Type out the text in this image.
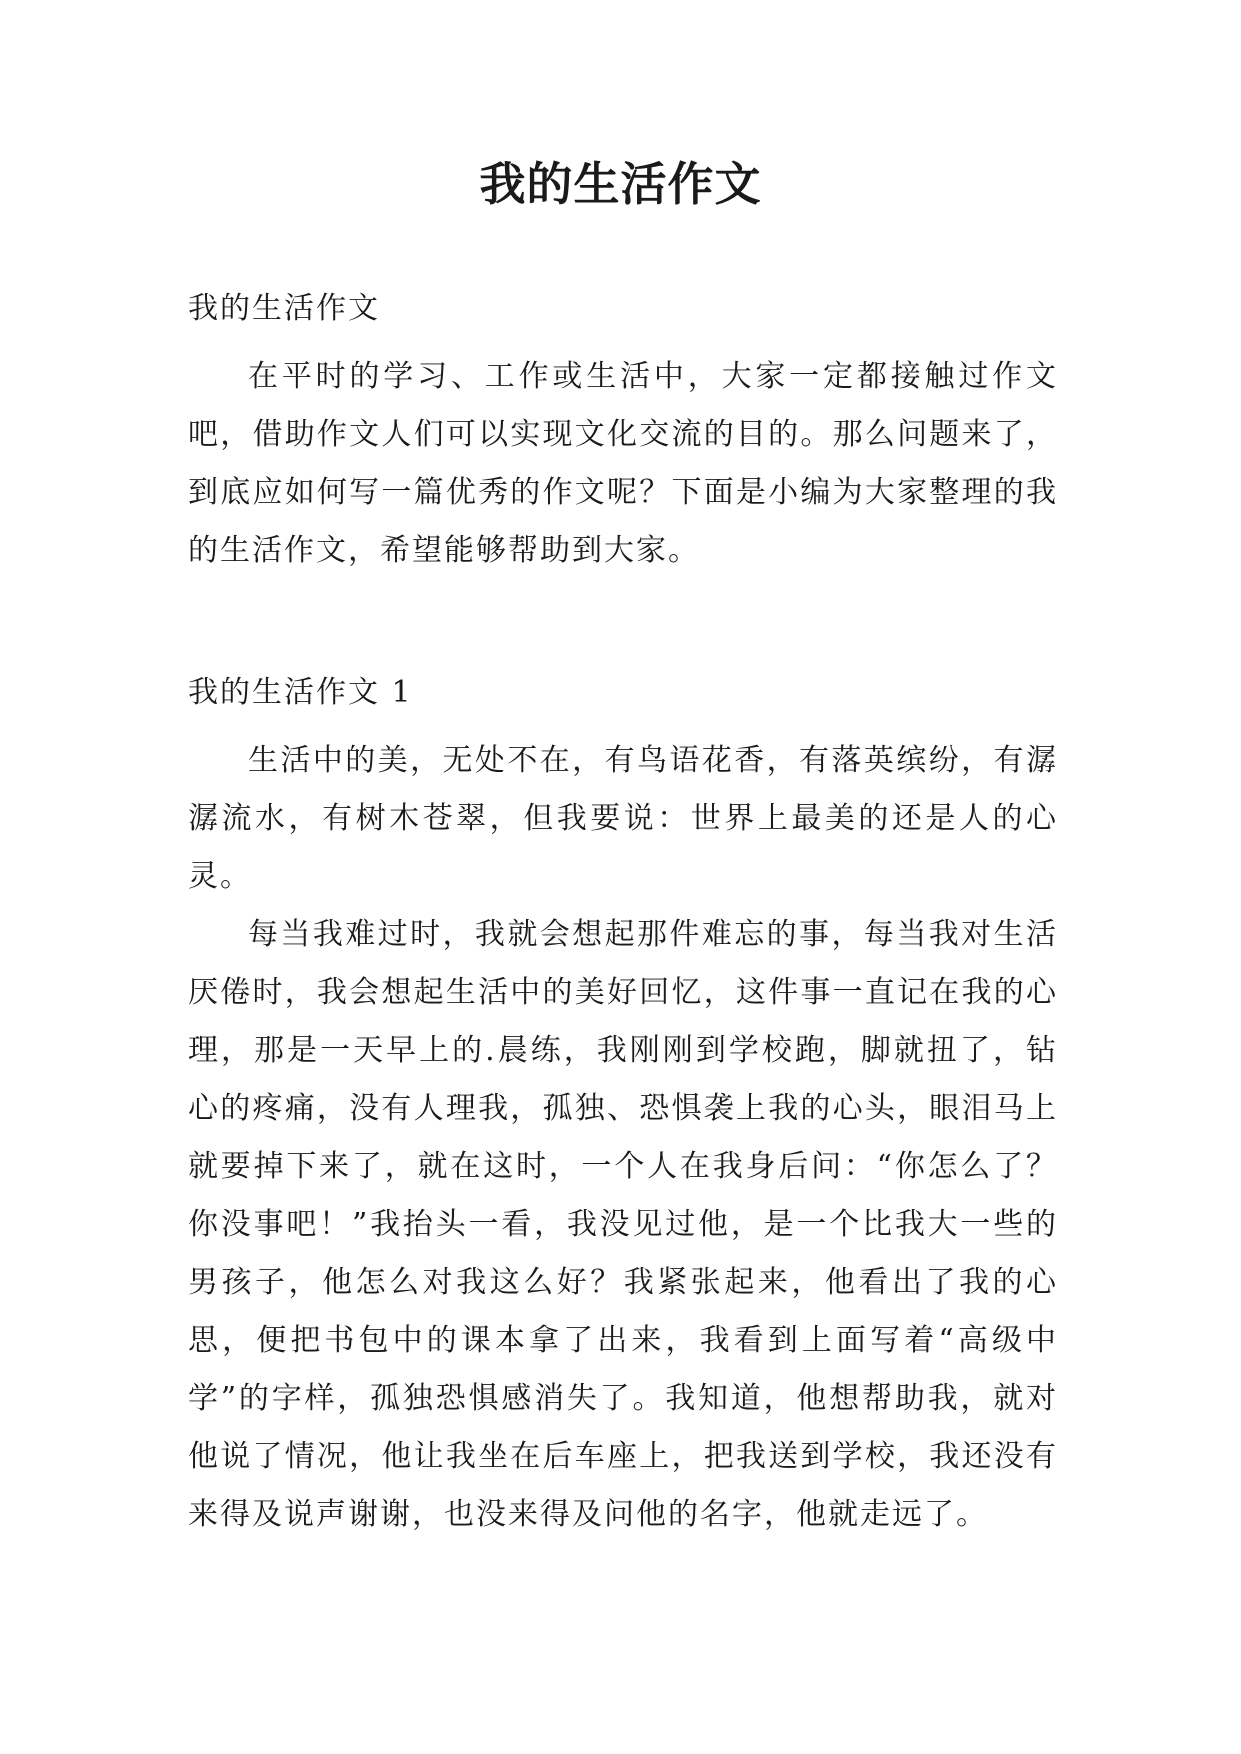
我的生活作文

我的生活作文

在平时的学习、工作或生活中，大家一定都接触过作文吧，借助作文人们可以实现文化交流的目的。那么问题来了，到底应如何写一篇优秀的作文呢？下面是小编为大家整理的我的生活作文，希望能够帮助到大家。

我的生活作文 1

生活中的美，无处不在，有鸟语花香，有落英缤纷，有潺潺流水，有树木苍翠，但我要说：世界上最美的还是人的心灵。

每当我难过时，我就会想起那件难忘的事，每当我对生活厌倦时，我会想起生活中的美好回忆，这件事一直记在我的心理，那是一天早上的.晨练，我刚刚到学校跑，脚就扭了，钻心的疼痛，没有人理我，孤独、恐惧袭上我的心头，眼泪马上就要掉下来了，就在这时，一个人在我身后问：“你怎么了？你没事吧！”我抬头一看，我没见过他，是一个比我大一些的男孩子，他怎么对我这么好？我紧张起来，他看出了我的心思，便把书包中的课本拿了出来，我看到上面写着“高级中学”的字样，孤独恐惧感消失了。我知道，他想帮助我，就对他说了情况，他让我坐在后车座上，把我送到学校，我还没有来得及说声谢谢，也没来得及问他的名字，他就走远了。
